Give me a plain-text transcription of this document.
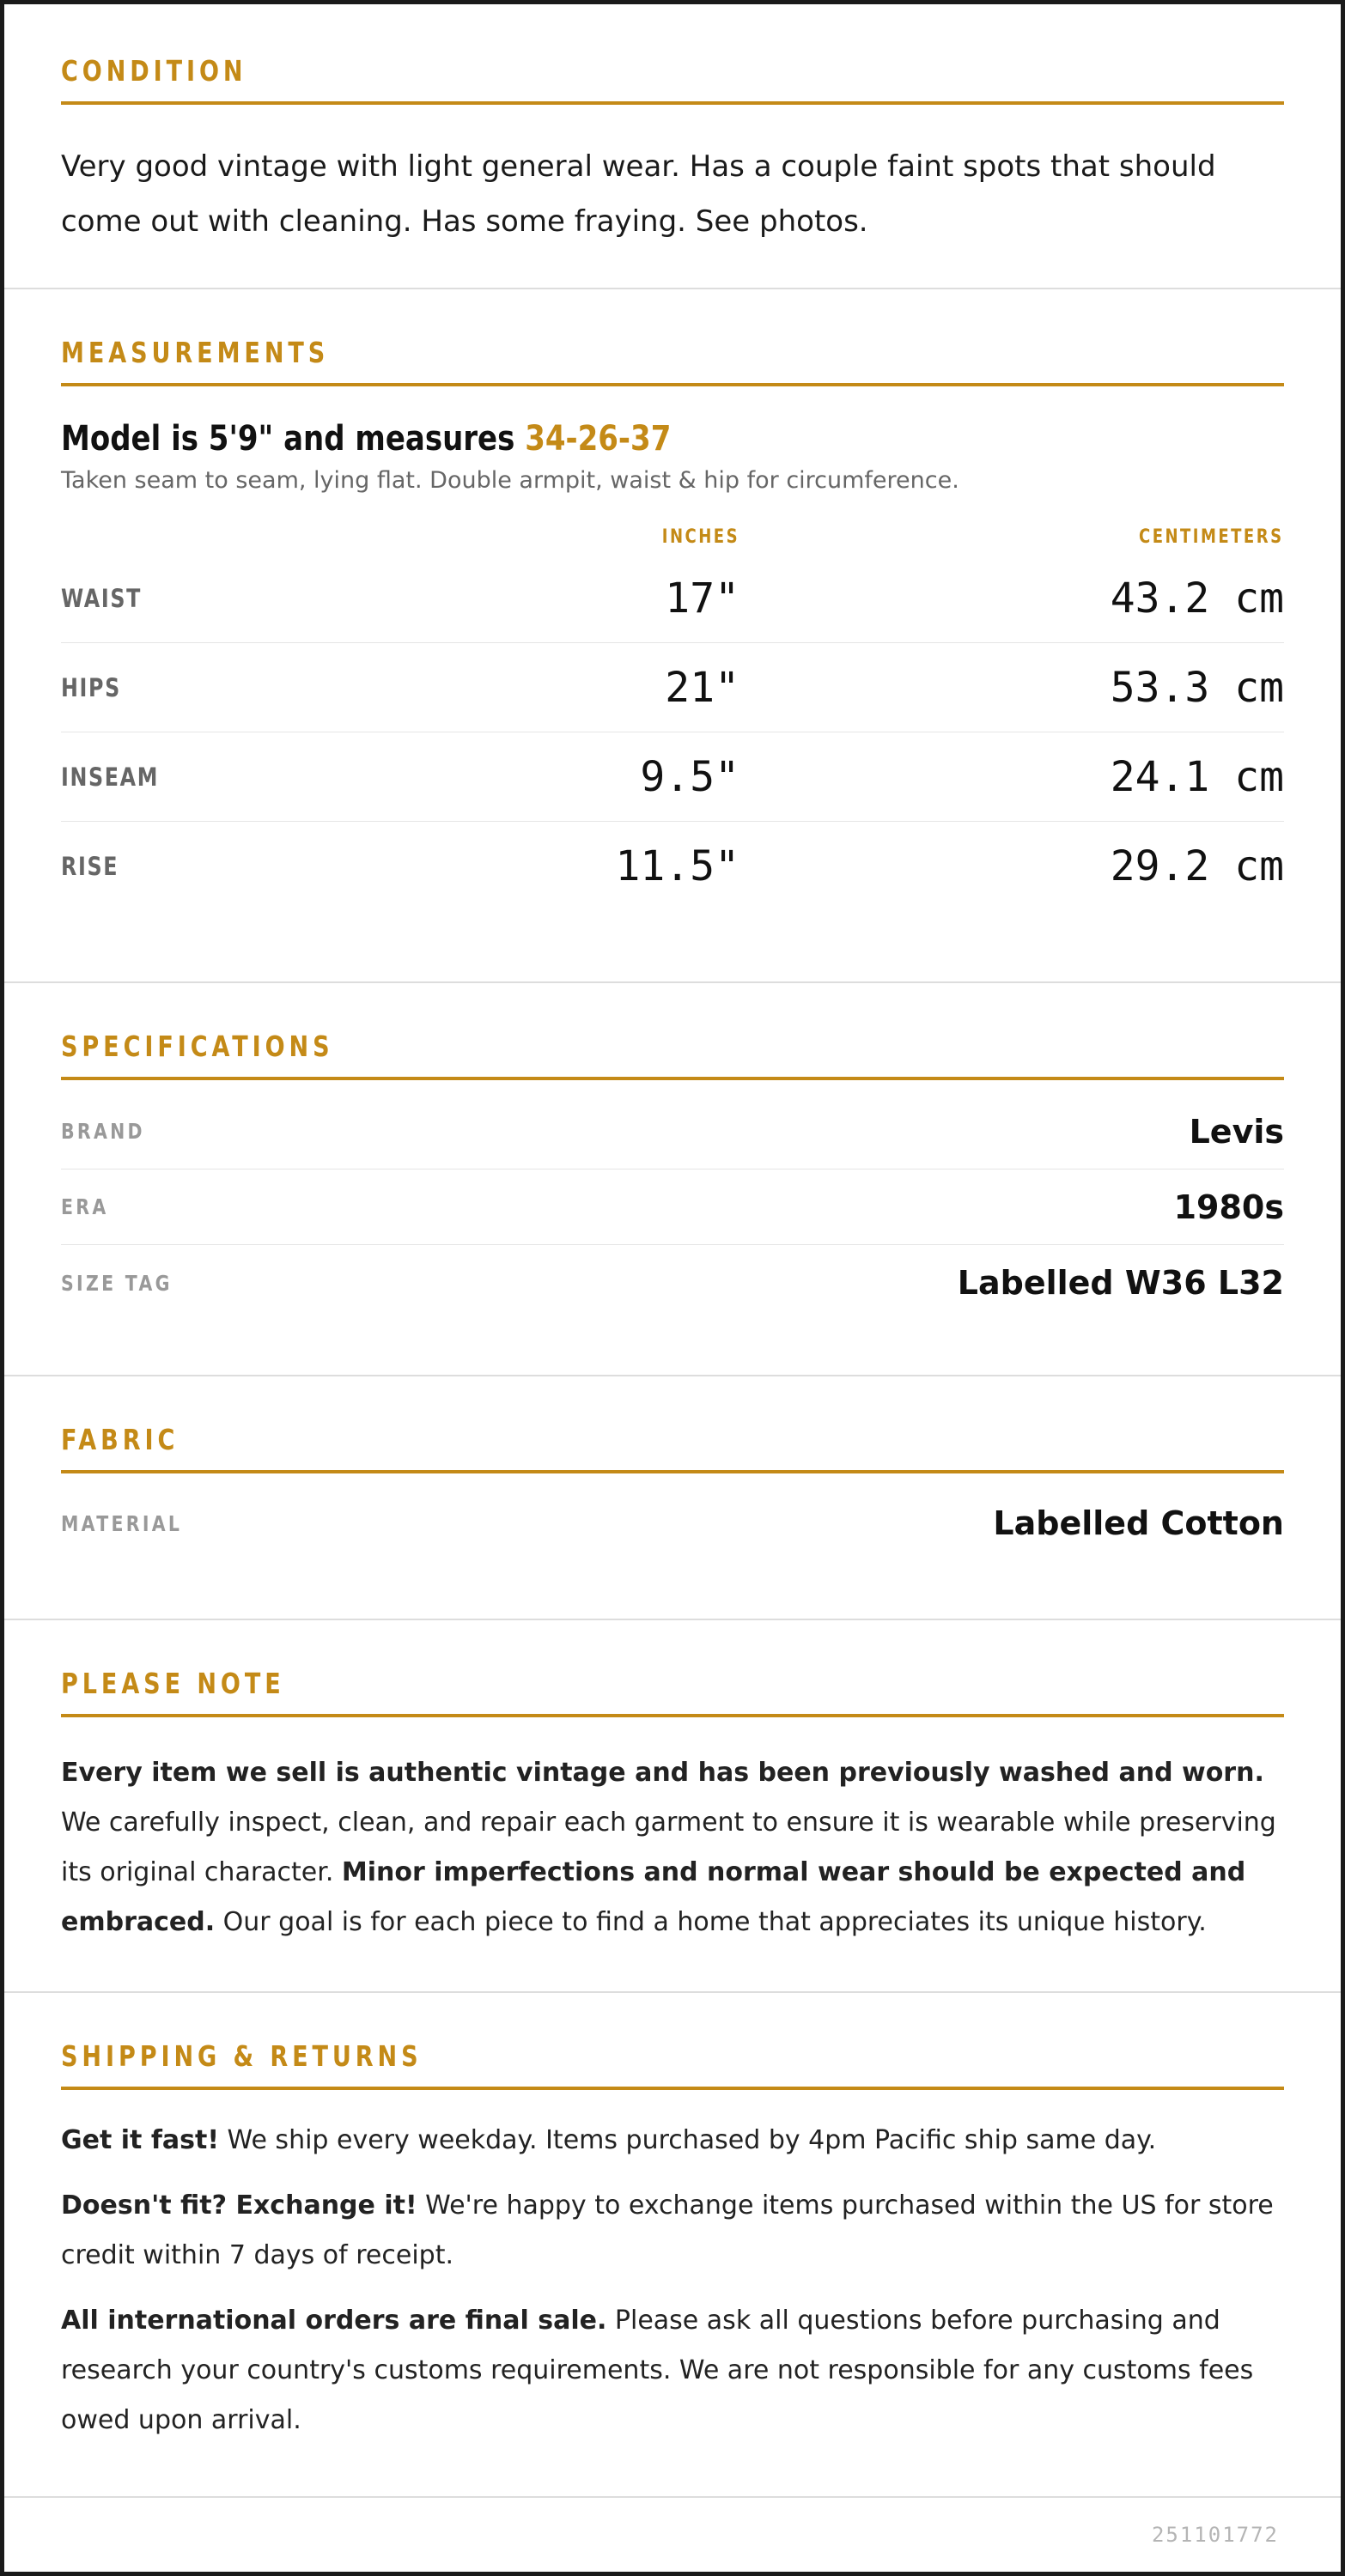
CONDITION

Very good vintage with light general wear. Has a couple faint spots that should come out with cleaning. Has some fraying. See photos.

MEASUREMENTS
Model is 5'9" and measures 34-26-37

Taken seam to seam, lying flat. Double armpit, waist & hip for circumference.

INCHES	CENTIMETERS
WAIST	17"	43.2 cm
HIPS	21"	53.3 cm
INSEAM	9.5"	24.1 cm
RISE	11.5"	29.2 cm
SPECIFICATIONS
BRAND	Levis
ERA	1980s
SIZE TAG	Labelled W36 L32
FABRIC
MATERIAL	Labelled Cotton
PLEASE NOTE

Every item we sell is authentic vintage and has been previously washed and worn. We carefully inspect, clean, and repair each garment to ensure it is wearable while preserving its original character. Minor imperfections and normal wear should be expected and embraced. Our goal is for each piece to find a home that appreciates its unique history.

SHIPPING & RETURNS

Get it fast! We ship every weekday. Items purchased by 4pm Pacific ship same day.

Doesn't fit? Exchange it! We're happy to exchange items purchased within the US for store credit within 7 days of receipt.

All international orders are final sale. Please ask all questions before purchasing and research your country's customs requirements. We are not responsible for any customs fees owed upon arrival.

251101772
